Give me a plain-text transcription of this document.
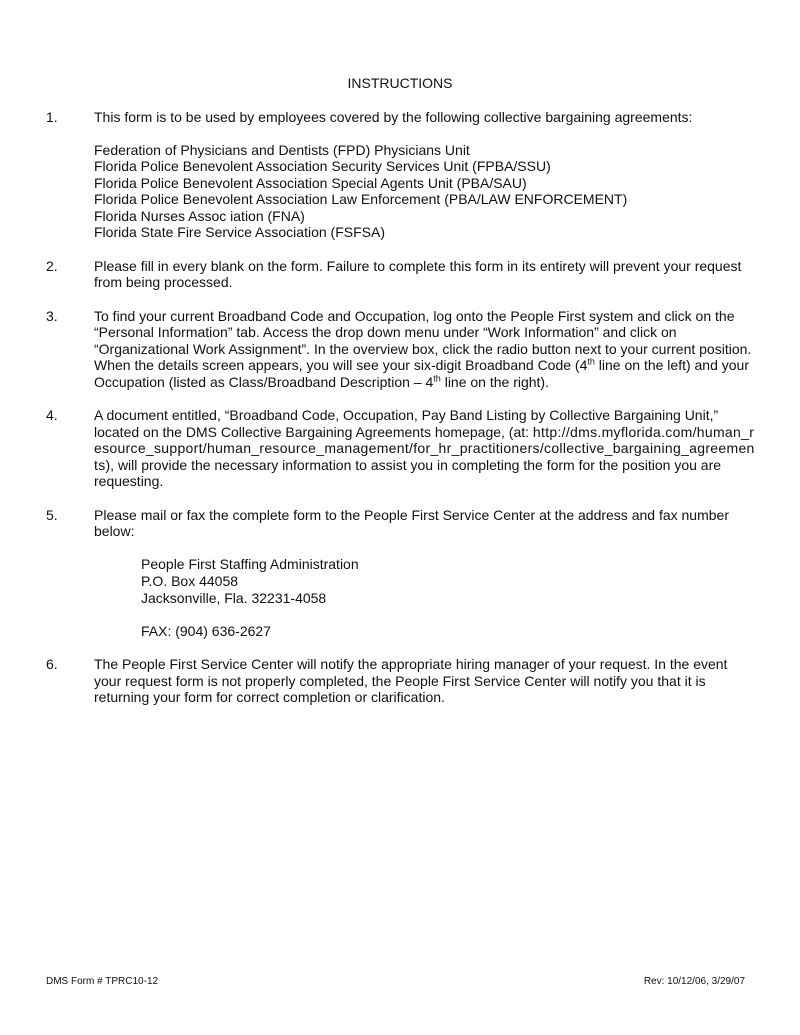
INSTRUCTIONS
1.	This form is to be used by employees covered by the following collective bargaining agreements:

Federation of Physicians and Dentists (FPD) Physicians Unit

Florida Police Benevolent Association Security Services Unit (FPBA/SSU)

Florida Police Benevolent Association Special Agents Unit (PBA/SAU)

Florida Police Benevolent Association Law Enforcement (PBA/LAW ENFORCEMENT)

Florida Nurses Assoc iation (FNA)

Florida State Fire Service Association (FSFSA)

2.	Please fill in every blank on the form. Failure to complete this form in its entirety will prevent your request from being processed.

3.	To find your current Broadband Code and Occupation, log onto the People First system and click on the “Personal Information” tab. Access the drop down menu under “Work Information” and click on “Organizational Work Assignment”. In the overview box, click the radio button next to your current position. When the details screen appears, you will see your six-digit Broadband Code (4th line on the left) and your Occupation (listed as Class/Broadband Description – 4th line on the right).

4.	A document entitled, “Broadband Code, Occupation, Pay Band Listing by Collective Bargaining Unit,” located on the DMS Collective Bargaining Agreements homepage, (at: http://dms.myflorida.com/human_resource_support/human_resource_management/for_hr_practitioners/collective_bargaining_agreements), will provide the necessary information to assist you in completing the form for the position you are requesting.

5.	Please mail or fax the complete form to the People First Service Center at the address and fax number below:

People First Staffing Administration
P.O. Box 44058
Jacksonville, Fla. 32231-4058
FAX: (904) 636-2627
6.	The People First Service Center will notify the appropriate hiring manager of your request. In the event your request form is not properly completed, the People First Service Center will notify you that it is returning your form for correct completion or clarification.

DMS Form # TPRC10-12	Rev: 10/12/06, 3/29/07
